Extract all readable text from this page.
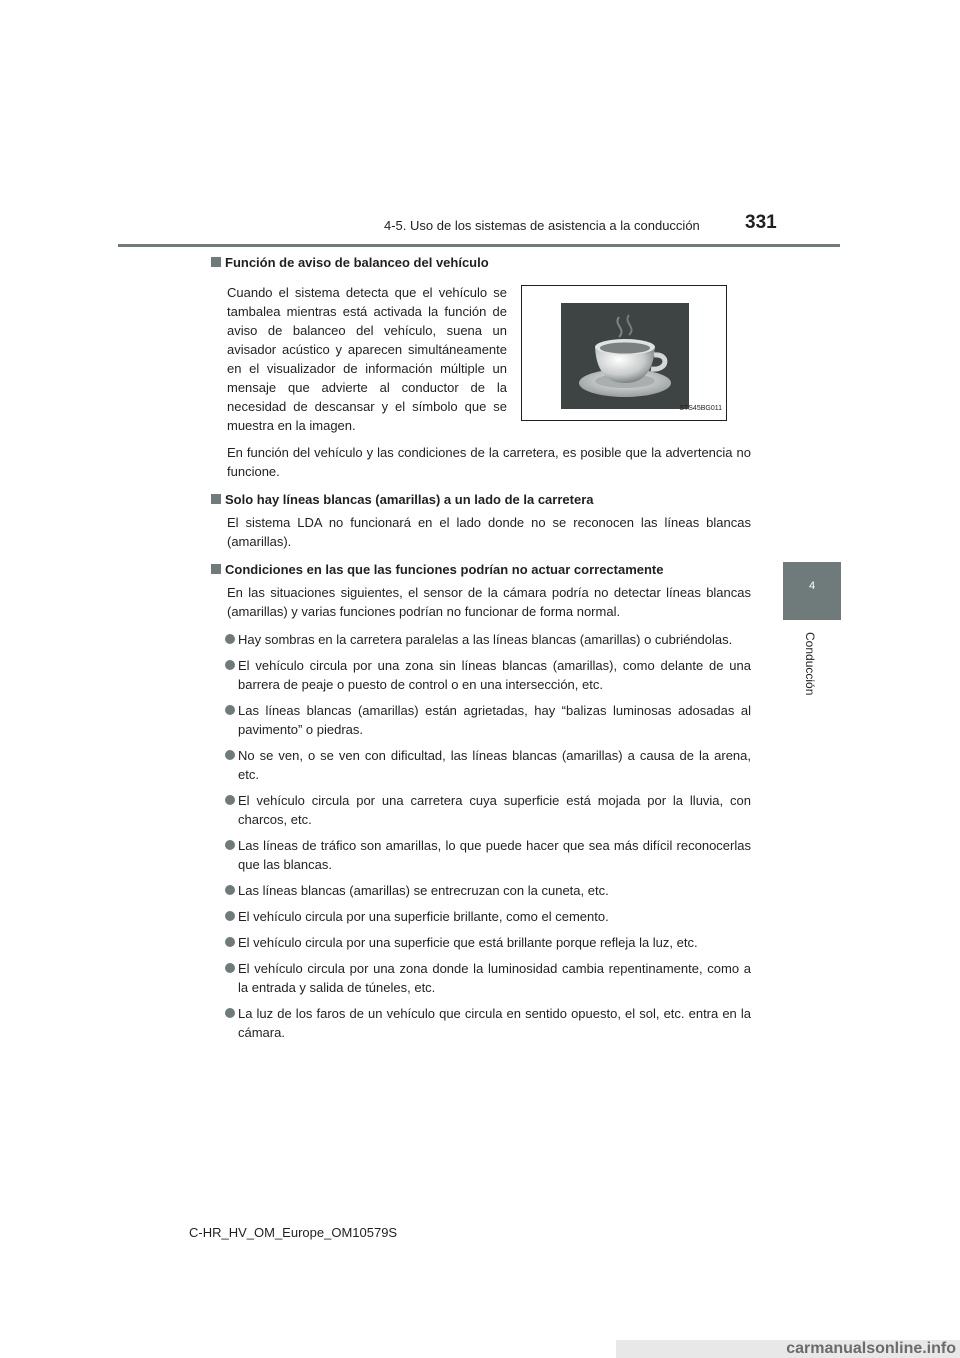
4-5. Uso de los sistemas de asistencia a la conducción 331
4
Conducción
Función de aviso de balanceo del vehículo
Cuando el sistema detecta que el vehículo se tambalea mientras está activada la función de aviso de balanceo del vehículo, suena un avisador acústico y aparecen simultáneamente en el visualizador de información múltiple un mensaje que advierte al conductor de la necesidad de descansar y el símbolo que se muestra en la imagen.
STS45BG011

En función del vehículo y las condiciones de la carretera, es posible que la advertencia no funcione.

Solo hay líneas blancas (amarillas) a un lado de la carretera

El sistema LDA no funcionará en el lado donde no se reconocen las líneas blancas (amarillas).

Condiciones en las que las funciones podrían no actuar correctamente

En las situaciones siguientes, el sensor de la cámara podría no detectar líneas blancas (amarillas) y varias funciones podrían no funcionar de forma normal.

Hay sombras en la carretera paralelas a las líneas blancas (amarillas) o cubriéndolas.
El vehículo circula por una zona sin líneas blancas (amarillas), como delante de una barrera de peaje o puesto de control o en una intersección, etc.
Las líneas blancas (amarillas) están agrietadas, hay “balizas luminosas adosadas al pavimento” o piedras.
No se ven, o se ven con dificultad, las líneas blancas (amarillas) a causa de la arena, etc.
El vehículo circula por una carretera cuya superficie está mojada por la lluvia, con charcos, etc.
Las líneas de tráfico son amarillas, lo que puede hacer que sea más difícil reconocerlas que las blancas.
Las líneas blancas (amarillas) se entrecruzan con la cuneta, etc.
El vehículo circula por una superficie brillante, como el cemento.
El vehículo circula por una superficie que está brillante porque refleja la luz, etc.
El vehículo circula por una zona donde la luminosidad cambia repentinamente, como a la entrada y salida de túneles, etc.
La luz de los faros de un vehículo que circula en sentido opuesto, el sol, etc. entra en la cámara.
C-HR_HV_OM_Europe_OM10579S
carmanualsonline.info
